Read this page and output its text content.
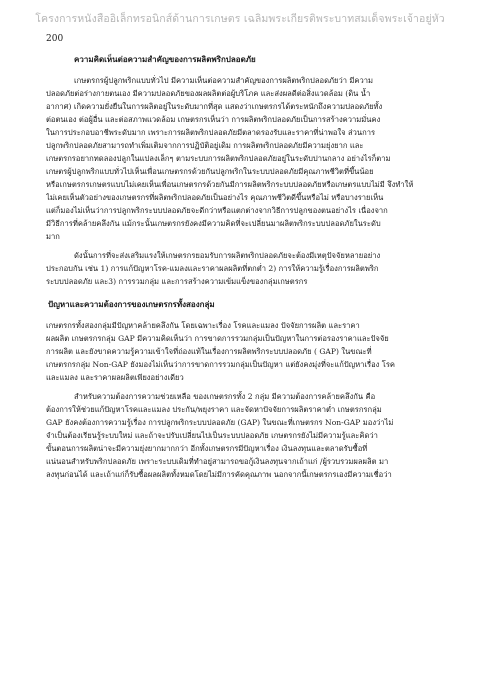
โครงการหนังสืออิเล็กทรอนิกส์ด้านการเกษตร เฉลิมพระเกียรติพระบาทสมเด็จพระเจ้าอยู่หัว
200
ความคิดเห็นต่อความสำคัญของการผลิตพริกปลอดภัย
เกษตรกรผู้ปลูกพริกแบบทั่วไป มีความเห็นต่อความสำคัญของการผลิตพริกปลอดภัยว่า มีความ
ปลอดภัยต่อร่างกายตนเอง มีความปลอดภัยของผลผลิตต่อผู้บริโภค และส่งผลดีต่อสิ่งแวดล้อม (ดิน น้ำ
อากาศ) เกิดความยั่งยืนในการผลิตอยู่ในระดับมากที่สุด แสดงว่าเกษตรกรได้ตระหนักถึงความปลอดภัยทั้ง
ต่อตนเอง ต่อผู้อื่น และต่อสภาพแวดล้อม เกษตรกรเห็นว่า การผลิตพริกปลอดภัยเป็นการสร้างความมั่นคง
ในการประกอบอาชีพระดับมาก เพราะการผลิตพริกปลอดภัยมีตลาดรองรับและราคาที่น่าพอใจ ส่วนการ
ปลูกพริกปลอดภัยสามารถทำเพิ่มเติมจากการปฏิบัติอยู่เดิม การผลิตพริกปลอดภัยมีความยุ่งยาก และ
เกษตรกรอยากทดลองปลูกในแปลงเล็กๆ ตามระบบการผลิตพริกปลอดภัยอยู่ในระดับปานกลาง อย่างไรก็ตาม
เกษตรผู้ปลูกพริกแบบทั่วไปเห็นเพื่อนเกษตรกรด้วยกันปลูกพริกในระบบปลอดภัยมีคุณภาพชีวิตที่ขึ้นน้อย
หรือเกษตรกรเกษตรแบบไม่เคยเห็นเพื่อนเกษตรกรด้วยกันมีการผลิตพริกระบบปลอดภัยหรือเกษตรแบบไม่มี จึงทำให้
ไม่เคยเห็นตัวอย่างของเกษตรกรที่ผลิตพริกปลอดภัยเป็นอย่างไร คุณภาพชีวิตดีขึ้นหรือไม่ หรือบางรายเห็น
แต่ก็มองไม่เห็นว่าการปลูกพริกระบบปลอดภัยจะดีกว่าหรือแตกต่างจากวิธีการปลูกของตนอย่างไร เนื่องจาก
มีวิธีการที่คล้ายคลึงกัน แม้กระนั้นเกษตรกรยังคงมีความคิดที่จะเปลี่ยนมาผลิตพริกระบบปลอดภัยในระดับ
มาก
ดังนั้นการที่จะส่งเสริมแรงให้เกษตรกรยอมรับการผลิตพริกปลอดภัยจะต้องมีเหตุปัจจัยหลายอย่าง
ประกอบกัน เช่น 1) การแก้ปัญหาโรค-แมลงและราคาผลผลิตที่ตกต่ำ 2) การให้ความรู้เรื่องการผลิตพริก
ระบบปลอดภัย และ3) การรวมกลุ่ม และการสร้างความเข้มแข็งของกลุ่มเกษตรกร
ปัญหาและความต้องการของเกษตรกรทั้งสองกลุ่ม
เกษตรกรทั้งสองกลุ่มมีปัญหาคล้ายคลึงกัน โดยเฉพาะเรื่อง โรคและแมลง ปัจจัยการผลิต และราคา
ผลผลิต เกษตรกรกลุ่ม GAP มีความคิดเห็นว่า การขาดการรวมกลุ่มเป็นปัญหาในการต่อรองราคาและปัจจัย
การผลิต และยังขาดความรู้ความเข้าใจที่ถ่องแท้ในเรื่องการผลิตพริกระบบปลอดภัย ( GAP) ในขณะที่
เกษตรกรกลุ่ม Non-GAP ยังมองไม่เห็นว่าการขาดการรวมกลุ่มเป็นปัญหา แต่ยังคงมุ่งที่จะแก้ปัญหาเรื่อง โรค
และแมลง และราคาผลผลิตเพียงอย่างเดียว
สำหรับความต้องการความช่วยเหลือ ของเกษตรกรทั้ง 2 กลุ่ม มีความต้องการคล้ายคลึงกัน คือ
ต้องการให้ช่วยแก้ปัญหาโรคและแมลง ประกัน/พยุงราคา และจัดหาปัจจัยการผลิตราคาต่ำ เกษตรกรกลุ่ม
GAP ยังคงต้องการความรู้เรื่อง การปลูกพริกระบบปลอดภัย (GAP) ในขณะที่เกษตรกร Non-GAP มองว่าไม่
จำเป็นต้องเรียนรู้ระบบใหม่ และถ้าจะปรับเปลี่ยนไปเป็นระบบปลอดภัย เกษตรกรยังไม่มีความรู้และคิดว่า
ขั้นตอนการผลิตน่าจะมีความยุ่งยากมากกว่า อีกทั้งเกษตรกรมีปัญหาเรื่อง เงินลงทุนและตลาดรับซื้อที่
แน่นอนสำหรับพริกปลอดภัย เพราะระบบเดิมที่ทำอยู่สามารถขอกู้เงินลงทุนจากเถ้าแก่ /ผู้รวบรวมผลผลิต มา
ลงทุนก่อนได้ และเถ้าแก่ก็รับซื้อผลผลิตทั้งหมดโดยไม่มีการคัดคุณภาพ นอกจากนี้เกษตรกรเองมีความเชื่อว่า
